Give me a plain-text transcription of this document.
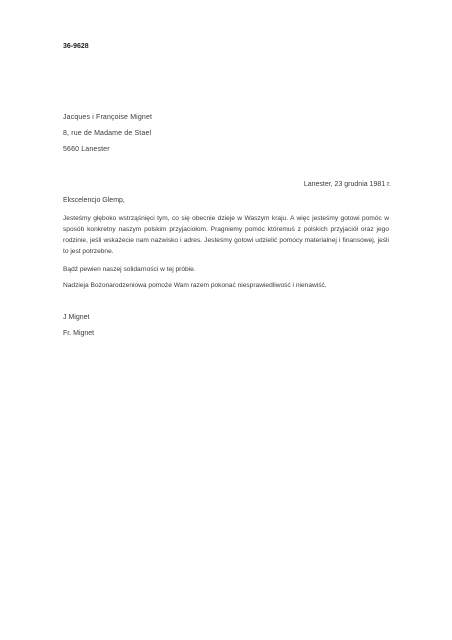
36-9628
Jacques i Françoise Mignet
8, rue de Madame de Stael
5660 Lanester
Lanester, 23 grudnia 1981 r.
Ekscelencjo Glemp,

Jesteśmy głęboko wstrząśnięci tym, co się obecnie dzieje w Waszym kraju. A więc jesteśmy gotowi pomóc w sposób konkretny naszym polskim przyjaciołom. Pragniemy pomóc któremuś z polskich przyjaciół oraz jego rodzinie, jeśli wskażecie nam nazwisko i adres. Jesteśmy gotowi udzielić pomocy materialnej i finansowej, jeśli to jest potrzebne.

Bądź pewien naszej solidarności w tej próbie.

Nadzieja Bożonarodzeniowa pomoże Wam razem pokonać niesprawiedliwość i nienawiść.

J Mignet
Fr. Mignet
